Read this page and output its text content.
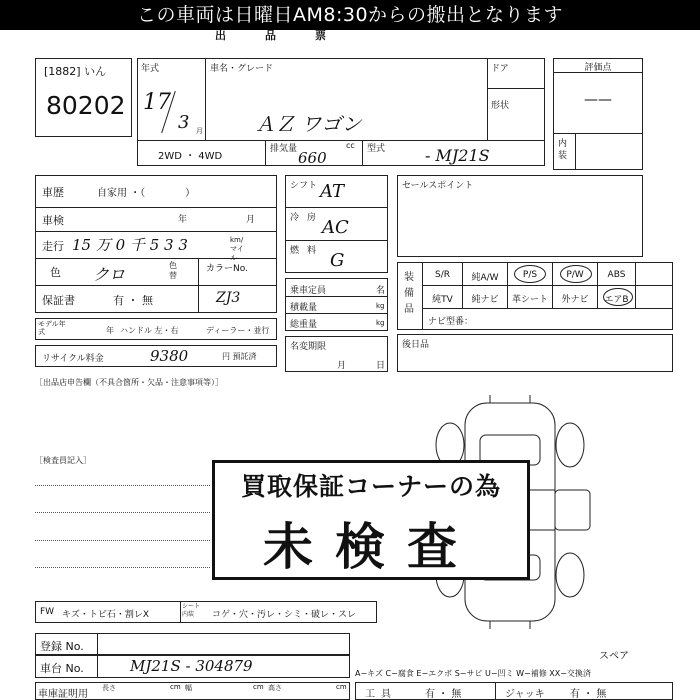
この車両は日曜日AM8:30からの搬出となります
出　品　票
[1882] いん
80202
年式
17
3 月
車名・グレード
ＡＺ ワゴン
ドア
形状
2WD ・ 4WD
排気量	cc
660	型式 - MJ21S
評価点
——
内装
車歴	自家用 ・（　　　　）
車検	年	月
走行 15 万 0 千 5 3 3	km/マイル
色 クロ	色替
カラーNo.
保証書	有 ・ 無	ZJ3
モデル年式	年 ハンドル 左・右	ディーラー・並行
リサイクル料金	9380	円 預託済
シフト AT
冷房
AC
燃料 G
乗車定員	名
積載量	kg
総重量	kg
名変期限
月	日
セールスポイント
装備品
S/R	純A/W	P/S	P/W	ABS
純TV	純ナビ	革シート	外ナビ	エアB
ナビ型番：
後日品
［出品店申告欄（不具合箇所・欠品・注意事項等）］
［検査員記入］
買取保証コーナーの為
未検査
FW キズ・トビ石・割レX
シート内装	コゲ・穴・汚レ・シミ・破レ・スレ
登録 No.
車台 No.	MJ21S - 304879
車庫証明用
長さ	cm 幅	cm 高さ	cm
スペア
A−キズ C−腐食 E−エクボ S−サビ U−凹ミ W−補修 XX−交換済
工具	有 ・ 無	ジャッキ	有 ・ 無
